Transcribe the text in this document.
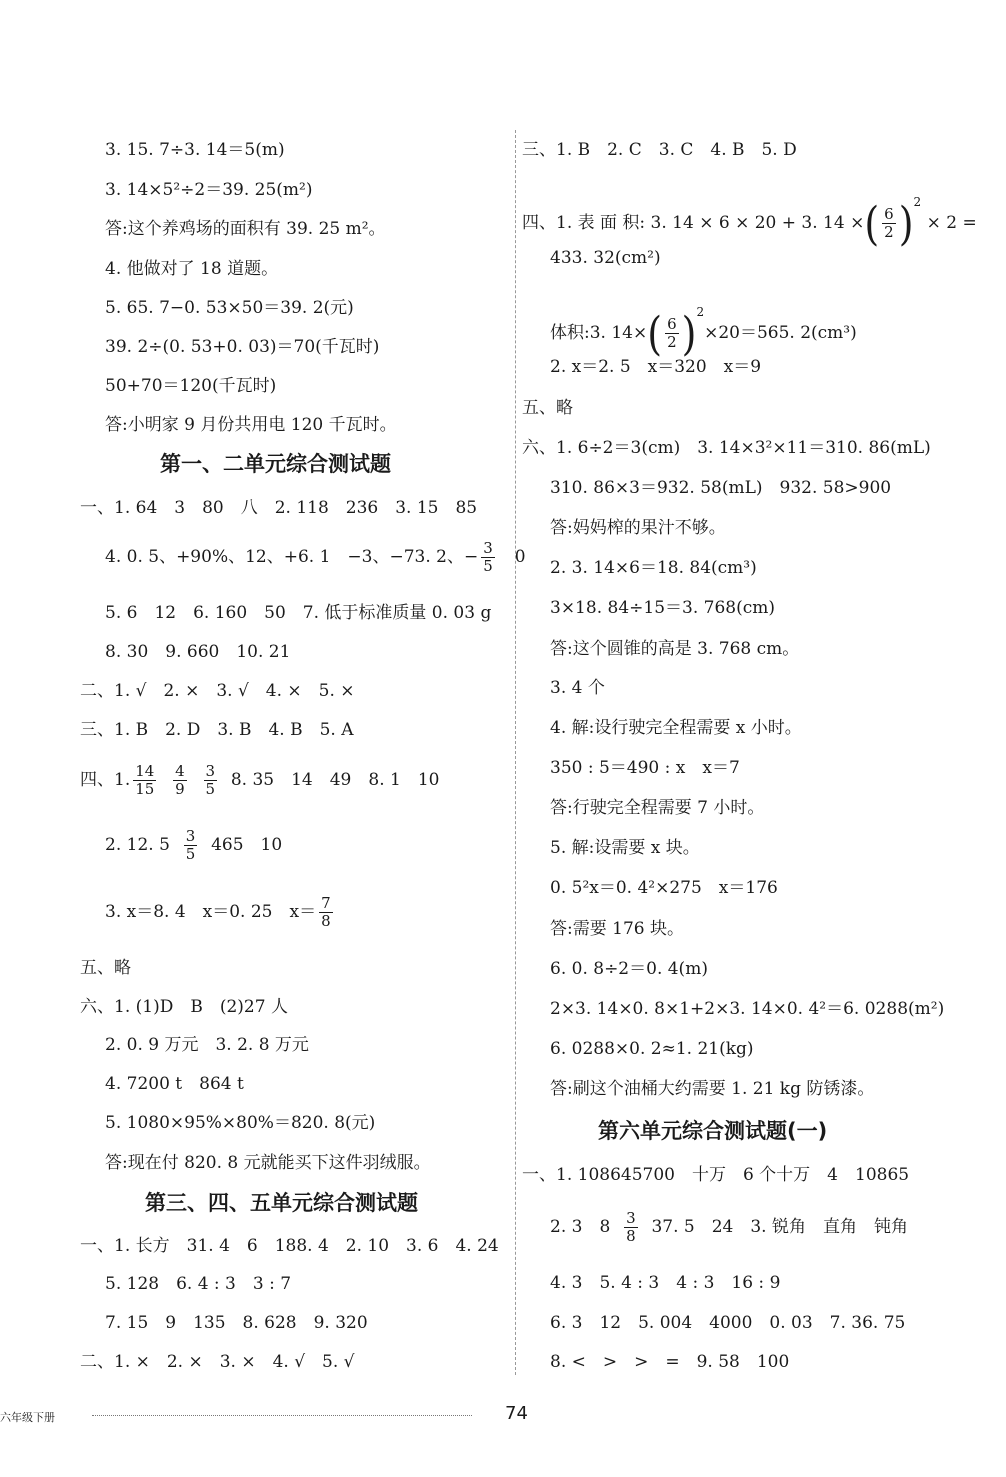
3. 15. 7÷3. 14＝5(m)
3. 14×5²÷2＝39. 25(m²)
答:这个养鸡场的面积有 39. 25 m²。
4. 他做对了 18 道题。
5. 65. 7−0. 53×50＝39. 2(元)
39. 2÷(0. 53+0. 03)＝70(千瓦时)
50+70＝120(千瓦时)
答:小明家 9 月份共用电 120 千瓦时。
第一、二单元综合测试题
一、1. 64　3　80　八　2. 118　236　3. 15　85
4. 0. 5、+90%、12、+6. 1　−3、−73. 2、− $\frac{3}{5}$
　 0
5. 6　12　6. 160　50　7. 低于标准质量 0. 03 g
8. 30　9. 660　10. 21
二、1. √　2. ×　3. √　4. ×　5. ×
三、1. B　2. D　3. B　4. B　5. A
四、1. $\frac{14}{15}$
$\frac{4}{9}$
$\frac{3}{5} 8$. 35　14　49　8. 1　10
2. 12. $5 \frac{3}{5} 465$　10
3. x＝8. 4　x＝0. 25　$x= \frac{7}{8}$
五、略
六、1. (1)D　B　(2)27 人
2. 0. 9 万元　3. 2. 8 万元
4. 7200 t　864 t
5. 1080×95%×80%＝820. 8(元)
答:现在付 820. 8 元就能买下这件羽绒服。
第三、四、五单元综合测试题
一、1. 长方　31. 4　6　188. 4　2. 10　3. 6　4. 24
5. 128　6. 4 : 3　3 : 7
7. 15　9　135　8. 628　9. 320
二、1. ×　2. ×　3. ×　4. √　5. √
三、1. B　2. C　3. C　4. B　5. D
四、1. 表 面 积: 3. 14 × 6 × 20 + 3. 14 ×( $\frac{6}{2} )^2 \times 2$ =
433. 32(cm²)
体积:3. $14\times( \frac{6}{2} )^2\times 20=565$. 2(cm³)
2. x＝2. 5　x＝320　x＝9
五、略
六、1. 6÷2＝3(cm)　3. 14×3²×11＝310. 86(mL)
310. 86×3＝932. 58(mL)　932. 58>900
答:妈妈榨的果汁不够。
2. 3. 14×6＝18. 84(cm³)
3×18. 84÷15＝3. 768(cm)
答:这个圆锥的高是 3. 768 cm。
3. 4 个
4. 解:设行驶完全程需要 x 小时。
350 : 5＝490 : x　x＝7
答:行驶完全程需要 7 小时。
5. 解:设需要 x 块。
0. 5²x＝0. 4²×275　x＝176
答:需要 176 块。
6. 0. 8÷2＝0. 4(m)
2×3. 14×0. 8×1+2×3. 14×0. 4²＝6. 0288(m²)
6. 0288×0. 2≈1. 21(kg)
答:刷这个油桶大约需要 1. 21 kg 防锈漆。
第六单元综合测试题(一)
一、1. 108645700　十万　6 个十万　4　10865
2. 3　$8 \frac{3}{8} 37$. 5　24　3. 锐角　直角　钝角
4. 3　5. 4 : 3　4 : 3　16 : 9
6. 3　12　5. 004　4000　0. 03　7. 36. 75
8. <　>　>　=　9. 58　100
六年级下册	74
